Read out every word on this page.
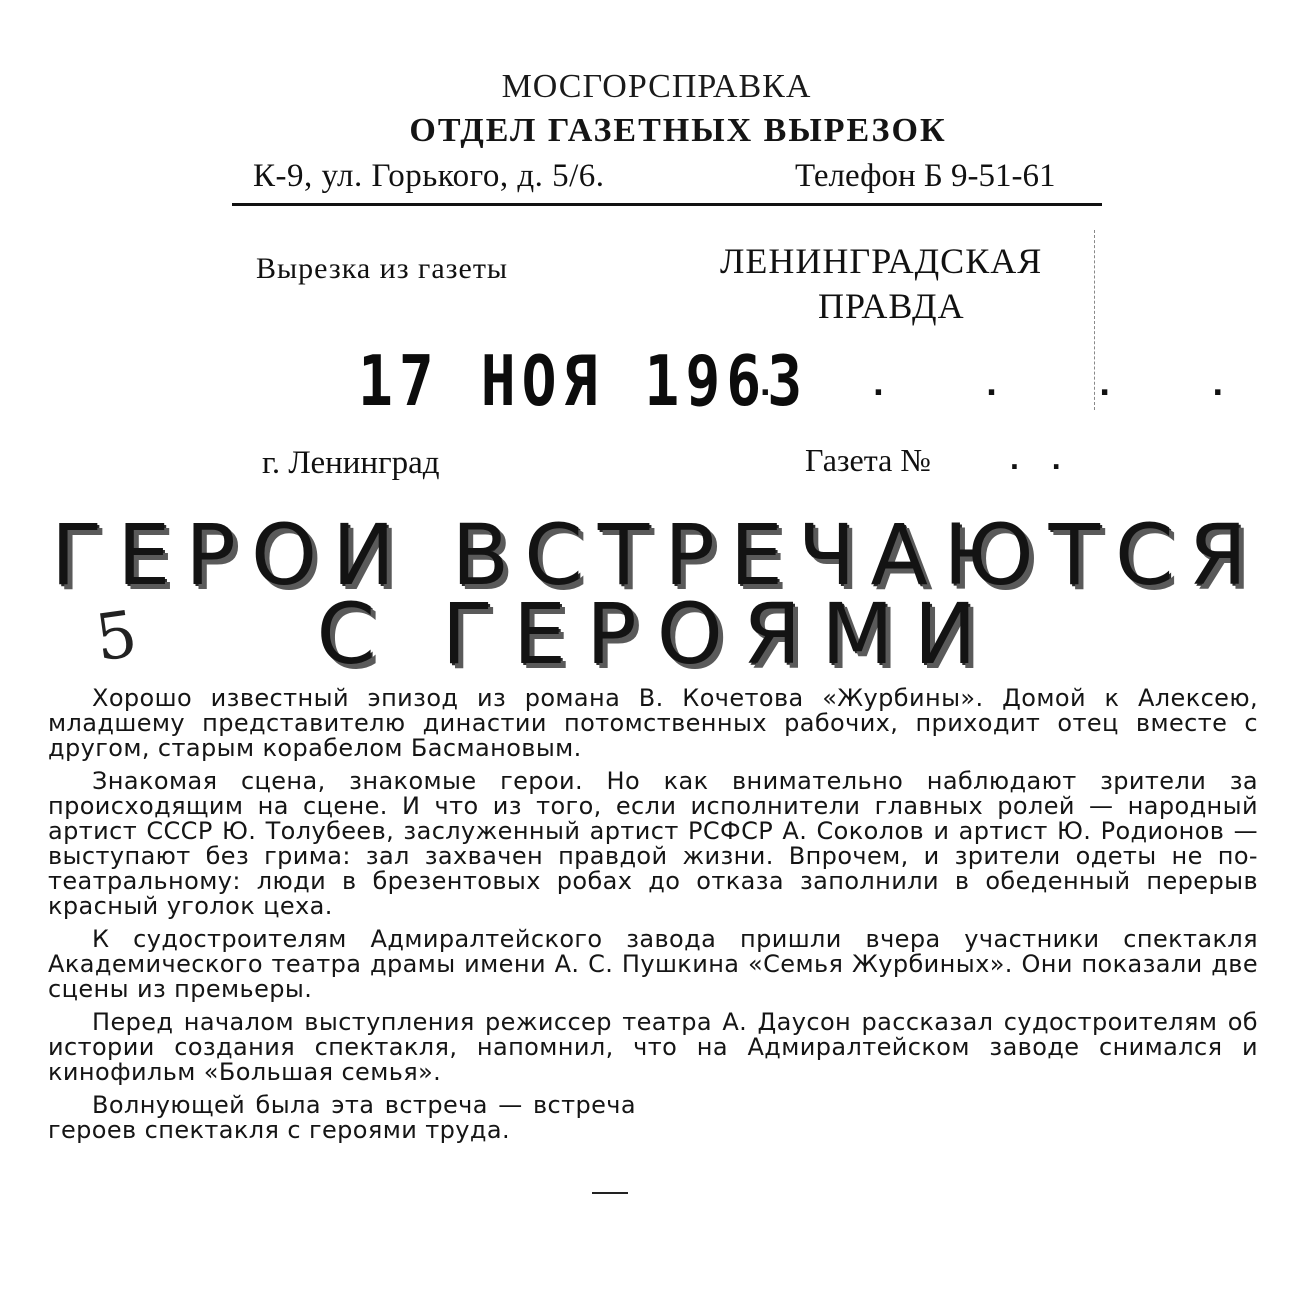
МОСГОРСПРАВКА
ОТДЕЛ ГАЗЕТНЫХ ВЫРЕЗОК
К-9, ул. Горького, д. 5/6.	Телефон Б 9-51-61
Вырезка из газеты	ЛЕНИНГРАДСКАЯ
ПРАВДА
17 НОЯ 1963
. . . . .
г. Ленинград	Газета № . .
5
ГЕРОИ ВСТРЕЧАЮТСЯ
С ГЕРОЯМИ

Хорошо известный эпизод из романа В. Кочетова «Журбины». Домой к Алексею, младшему представителю династии потомственных рабочих, приходит отец вместе с другом, старым корабелом Басмановым.

Знакомая сцена, знакомые герои. Но как внимательно наблюдают зрители за происходящим на сцене. И что из того, если исполнители главных ролей — народный артист СССР Ю. Толубеев, заслуженный артист РСФСР А. Соколов и артист Ю. Родионов — выступают без грима: зал захвачен правдой жизни. Впрочем, и зрители одеты не по-театральному: люди в брезентовых робах до отказа заполнили в обеденный перерыв красный уголок цеха.

К судостроителям Адмиралтейского завода пришли вчера участники спектакля Академического театра драмы имени А. С. Пушкина «Семья Журбиных». Они показали две сцены из премьеры.

Перед началом выступления режиссер театра А. Даусон рассказал судостроителям об истории создания спектакля, напомнил, что на Адмиралтейском заводе снимался и кинофильм «Большая семья».

Волнующей была эта встреча — встреча героев спектакля с героями труда.
